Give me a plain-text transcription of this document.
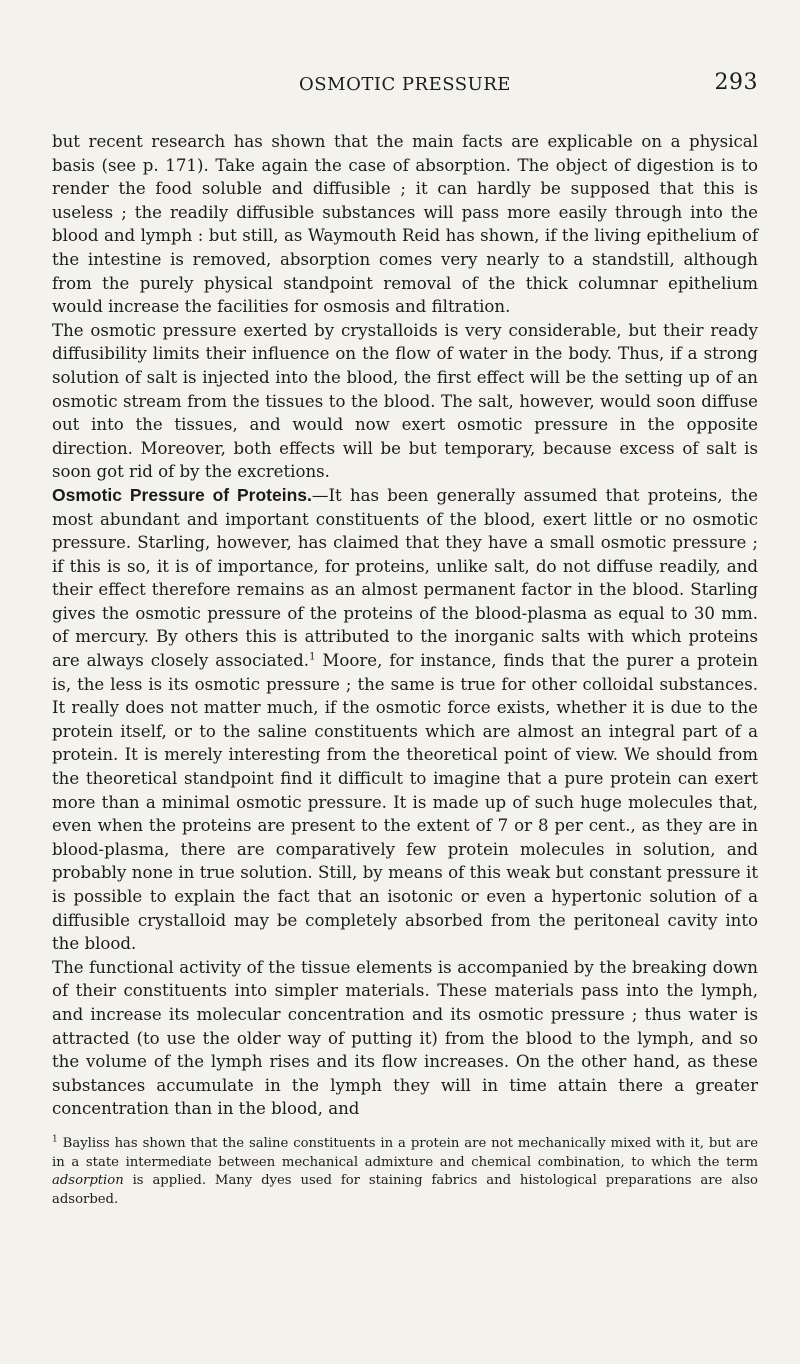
OSMOTIC PRESSURE	293

but recent research has shown that the main facts are explicable on a physical basis (see p. 171). Take again the case of absorption. The object of digestion is to render the food soluble and diffusible ; it can hardly be supposed that this is useless ; the readily diffusible substances will pass more easily through into the blood and lymph : but still, as Waymouth Reid has shown, if the living epithelium of the intestine is removed, absorption comes very nearly to a standstill, although from the purely physical standpoint removal of the thick columnar epithelium would increase the facilities for osmosis and filtration.

The osmotic pressure exerted by crystalloids is very considerable, but their ready diffusibility limits their influence on the flow of water in the body. Thus, if a strong solution of salt is injected into the blood, the first effect will be the setting up of an osmotic stream from the tissues to the blood. The salt, however, would soon diffuse out into the tissues, and would now exert osmotic pressure in the opposite direction. Moreover, both effects will be but temporary, because excess of salt is soon got rid of by the excretions.

Osmotic Pressure of Proteins.—It has been generally assumed that proteins, the most abundant and important constituents of the blood, exert little or no osmotic pressure. Starling, however, has claimed that they have a small osmotic pressure ; if this is so, it is of importance, for proteins, unlike salt, do not diffuse readily, and their effect therefore remains as an almost permanent factor in the blood. Starling gives the osmotic pressure of the proteins of the blood-plasma as equal to 30 mm. of mercury. By others this is attributed to the inorganic salts with which proteins are always closely associated.$^1$ Moore, for instance, finds that the purer a protein is, the less is its osmotic pressure ; the same is true for other colloidal substances. It really does not matter much, if the osmotic force exists, whether it is due to the protein itself, or to the saline constituents which are almost an integral part of a protein. It is merely interesting from the theoretical point of view. We should from the theoretical standpoint find it difficult to imagine that a pure protein can exert more than a minimal osmotic pressure. It is made up of such huge molecules that, even when the proteins are present to the extent of 7 or 8 per cent., as they are in blood-plasma, there are comparatively few protein molecules in solution, and probably none in true solution. Still, by means of this weak but constant pressure it is possible to explain the fact that an isotonic or even a hypertonic solution of a diffusible crystalloid may be completely absorbed from the peritoneal cavity into the blood.

The functional activity of the tissue elements is accompanied by the breaking down of their constituents into simpler materials. These materials pass into the lymph, and increase its molecular concentration and its osmotic pressure ; thus water is attracted (to use the older way of putting it) from the blood to the lymph, and so the volume of the lymph rises and its flow increases. On the other hand, as these substances accumulate in the lymph they will in time attain there a greater concentration than in the blood, and

$^1$ Bayliss has shown that the saline constituents in a protein are not mechanically mixed with it, but are in a state intermediate between mechanical admixture and chemical combination, to which the term adsorption is applied. Many dyes used for staining fabrics and histological preparations are also adsorbed.
